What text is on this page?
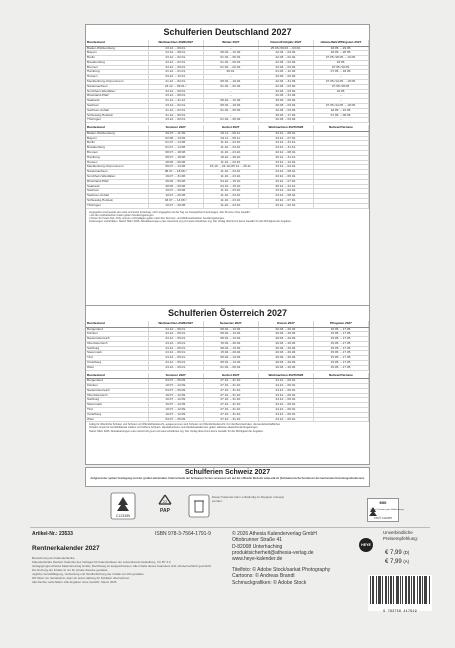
Schulferien Deutschland 2027
Bundesland	Weihnachten 2026/2027	Winter 2027	Ostern/Frühjahr 2027	Himmelfahrt/Pfingsten 2027
Baden-Württemberg	23.12. – 09.01.	–	25.03./30.03. – 03.04.	18.05. – 29.05.
Bayern	24.12. – 08.01.	08.02. – 12.02.	22.03. – 03.04.	18.05. – 28.05.
Berlin	23.12. – 02.01.	01.02. – 06.02.	22.03. – 02.04.	07.05./18.05. – 19.05.
Brandenburg	23.12. – 02.01.	01.02. – 06.02.	22.03. – 03.04.	18.05.
Bremen	23.12. – 09.01.	01.02. – 02.02.	22.03. – 03.04.	07.05./18.05.
Hamburg	21.12. – 01.01.	29.01.	01.03. – 12.03.	07.05. – 18.05.
Hessen	23.12. – 12.01.	–	22.03. – 03.04.	–
Mecklenburg-Vorpommern	21.12. – 02.01.	08.02. – 19.02.	22.03. – 31.03.	07.05./14.05. – 18.05.
Niedersachsen	23.12. – 09.01.¹	01.02. – 02.02.	22.03. – 03.04.	07.05./18.05.
Nordrhein-Westfalen	23.12. – 06.01.	–	22.03. – 03.04.	18.05.
Rheinland-Pfalz	23.12. – 08.01.	–	22.03. – 31.03.	–
Saarland	21.12. – 31.12.	08.02. – 12.02.	30.03. – 09.04.	–
Sachsen	23.12. – 02.01.	08.02. – 19.02.	26.03. – 03.04.	07.05./14.05. – 18.05.
Sachsen-Anhalt	21.12. – 02.01.	01.02. – 06.02.	22.03. – 03.04.	18.05. – 22.05.
Schleswig-Holstein	21.12. – 06.01.	–	30.03. – 17.04.	07.05. – 08.05.
Thüringen	23.12. – 02.01.	01.02. – 06.02.	22.03. – 03.04.	–
Bundesland	Sommer 2027	Herbst 2027	Weihnachten 2027/2028	Notizen/Termine
Baden-Württemberg	29.07. – 11.09.	02.11. – 06.11.	23.12. – 08.01.	
Bayern	02.08. – 13.09.	02.11. – 05.11.	24.12. – 07.01.	
Berlin	01.07. – 14.08.	11.10. – 23.10.	23.12. – 31.12.	
Brandenburg	01.07. – 14.08.	11.10. – 23.10.	23.12. – 31.12.	
Bremen	08.07. – 18.08.	11.10. – 23.10.	23.12. – 08.01.	
Hamburg	08.07. – 18.08.	18.10. – 29.10.	20.12. – 31.12.	
Hessen	28.06. – 06.08.	11.10. – 23.10.	23.12. – 12.01.	
Mecklenburg-Vorpommern	05.07. – 14.08.	15.10. – 22.10./25.11. – 26.11.	23.12. – 04.01.	
Niedersachsen	08.07. – 18.08.²	11.10. – 23.10.	23.12. – 08.01.	
Nordrhein-Westfalen	19.07. – 31.08.	11.10. – 23.10.	23.12. – 06.01.	
Rheinland-Pfalz	28.06. – 06.08.	04.10. – 15.10.	23.12. – 07.01.	
Saarland	28.06. – 06.08.	04.10. – 15.10.	20.12. – 31.12.	
Sachsen	10.07. – 20.08.	11.10. – 23.10.	23.12. – 02.01.	
Sachsen-Anhalt	10.07. – 20.08.	11.10. – 23.10.	23.12. – 08.01.	
Schleswig-Holstein	03.07. – 14.08.³	11.10. – 23.10.	23.12. – 07.01.	
Thüringen	10.07. – 20.08.	11.10. – 23.10.	23.12. – 02.01.	
Angegeben sind jeweils der erste und letzte Ferientag; nicht angegeben ist der Tag vor beweglichen Ferientagen. Alle Termine ohne Gewähr.
¹ Auf den ostfriesischen Inseln gelten Sonderregelungen.
² Ferien für Inseln Sylt, Föhr, Amrum und Halligen gelten nach den Sommer- und Weihnachtsferien Sonderregelungen.
Änderungen vorbehalten. Stand: März 2025. Aktualisierungen unter www.kmk.org und www.schulferien.org. Der Verlag übernimmt keine Gewähr für die Richtigkeit der Angaben.
Schulferien Österreich 2027
Bundesland	Weihnachten 2026/2027	Semester 2027	Ostern 2027	Pfingsten 2027
Burgenland	24.12. – 06.01.	08.02. – 13.02.	20.03. – 29.03.	15.05. – 17.05.
Kärnten	24.12. – 06.01.	08.02. – 13.02.	20.03. – 29.03.	15.05. – 17.05.
Niederösterreich	24.12. – 06.01.	08.02. – 13.02.	20.03. – 29.03.	15.05. – 17.05.
Oberösterreich	24.12. – 06.01.	15.02. – 20.02.	20.03. – 29.03.	15.05. – 17.05.
Salzburg	24.12. – 06.01.	08.02. – 13.02.	20.03. – 29.03.	15.05. – 17.05.
Steiermark	24.12. – 06.01.	15.02. – 20.02.	20.03. – 29.03.	15.05. – 17.05.
Tirol	24.12. – 06.01.	08.02. – 13.02.	20.03. – 29.03.	15.05. – 17.05.
Vorarlberg	24.12. – 06.01.	08.02. – 13.02.	20.03. – 29.03.	15.05. – 17.05.
Wien	24.12. – 06.01.	01.02. – 06.02.	20.03. – 29.03.	15.05. – 17.05.
Bundesland	Sommer 2027	Herbst 2027	Weihnachten 2027/2028	Notizen/Termine
Burgenland	03.07. – 05.09.	27.10. – 31.10.	24.12. – 06.01.	
Kärnten	10.07. – 12.09.	27.10. – 31.10.	24.12. – 06.01.	
Niederösterreich	03.07. – 05.09.	27.10. – 31.10.	24.12. – 06.01.	
Oberösterreich	10.07. – 12.09.	27.10. – 31.10.	24.12. – 06.01.	
Salzburg	10.07. – 12.09.	27.10. – 31.10.	24.12. – 06.01.	
Steiermark	10.07. – 12.09.	27.10. – 31.10.	24.12. – 06.01.	
Tirol	10.07. – 12.09.	27.10. – 31.10.	24.12. – 06.01.	
Vorarlberg	10.07. – 12.09.	27.10. – 31.10.	24.12. – 06.01.	
Wien	03.07. – 05.09.	27.10. – 31.10.	24.12. – 06.01.	
Gültig für öffentliche Schulen und Schulen mit Öffentlichkeitsrecht, ausgenommen sind Schulen mit Öffentlichkeitsrecht. Für die Berufsschulen, die landwirtschaftlichen
Schulen sowie für berufsbildende mittlere und höhere Schulen, Handelsschulen und Handelsakademien gelten teilweise abweichende Regelungen.
Stand: März 2025. Aktualisierungen unter www.bmb.gv.at und www.schulferien.org. Der Verlag übernimmt keine Gewähr für die Richtigkeit der Angaben.
Schulferien Schweiz 2027
Aufgrund der späten Festlegung und der großen kantonalen Unterschiede der Schweizer Ferien verweisen wir auf die offizielle Website www.edk.ch (Schweizerische Konferenz der kantonalen Erziehungsdirektoren).
C123455
22
PAP
Dieser Kalender kann vollständig im Altpapier entsorgt werden.	MIX
Papier | Fördert gute Waldnutzung
FSC® C123455
Artikel-Nr.: 23533	ISBN 978-3-7564-1791-9
Rentnerkalender 2027
Bezeichnung der Kalenderfamilie
Kalenderfamilie Neuheit: Kalender des Verlages für Kalenderideen der Lebensfreude Heidelberg, CC BY 4.0
Verlagsgruppe Athesia Kalenderverlag GmbH, Rechtsweg ist ausgeschlossen. Alle Inhalte dieses Kalenders sind urheberrechtlich geschützt.
Die Nutzung der Inhalte ist nur für private Zwecke gestattet.
Jegliche Vervielfältigung, Verbreitung und Veröffentlichung der Inhalte ist nicht gestattet.
Wir bitten um Verständnis, dass wir keine Haftung für Schäden übernehmen.
Alle Rechte vorbehalten. Alle Angaben ohne Gewähr, Stand: 2025.
© 2026 Athesia Kalenderverlag GmbH
Ottobrunner Straße 41
D-82008 Unterhaching
produktsicherheit@athesia-verlag.de
www.heye-kalender.de
HEYE
Titelfoto: © Adobe Stock/sarkat Photography
Cartoons: © Andreas Brandt
Schmuckgrafiken: © Adobe Stock
Unverbindliche
Preisempfehlung:
€ 7,99 (D)
€ 7,99 (A)
9 783756 417919
